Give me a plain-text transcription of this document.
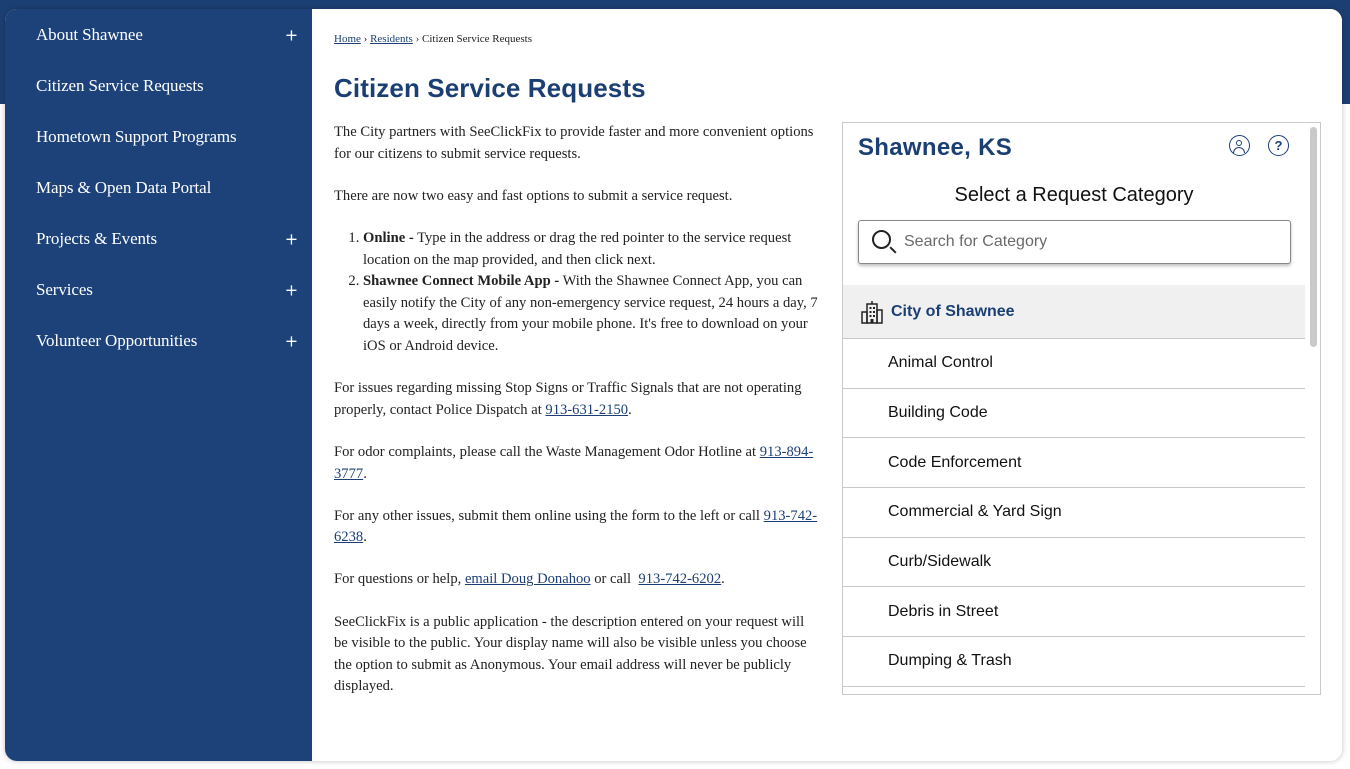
About Shawnee	+
Citizen Service Requests
Hometown Support Programs
Maps & Open Data Portal
Projects & Events	+
Services	+
Volunteer Opportunities	+
Home › Residents › Citizen Service Requests
Citizen Service Requests

The City partners with SeeClickFix to provide faster and more convenient options for our citizens to submit service requests.

There are now two easy and fast options to submit a service request.

1. Online - Type in the address or drag the red pointer to the service request location on the map provided, and then click next.
2. Shawnee Connect Mobile App - With the Shawnee Connect App, you can easily notify the City of any non-emergency service request, 24 hours a day, 7 days a week, directly from your mobile phone. It's free to download on your iOS or Android device.

For issues regarding missing Stop Signs or Traffic Signals that are not operating properly, contact Police Dispatch at 913-631-2150.

For odor complaints, please call the Waste Management Odor Hotline at 913-894-3777.

For any other issues, submit them online using the form to the left or call 913-742-6238.

For questions or help, email Doug Donahoo or call  913-742-6202.

SeeClickFix is a public application - the description entered on your request will be visible to the public. Your display name will also be visible unless you choose the option to submit as Anonymous. Your email address will never be publicly displayed.

Shawnee, KS	?
Select a Request Category
Search for Category
City of Shawnee
Animal Control
Building Code
Code Enforcement
Commercial & Yard Sign
Curb/Sidewalk
Debris in Street
Dumping & Trash
